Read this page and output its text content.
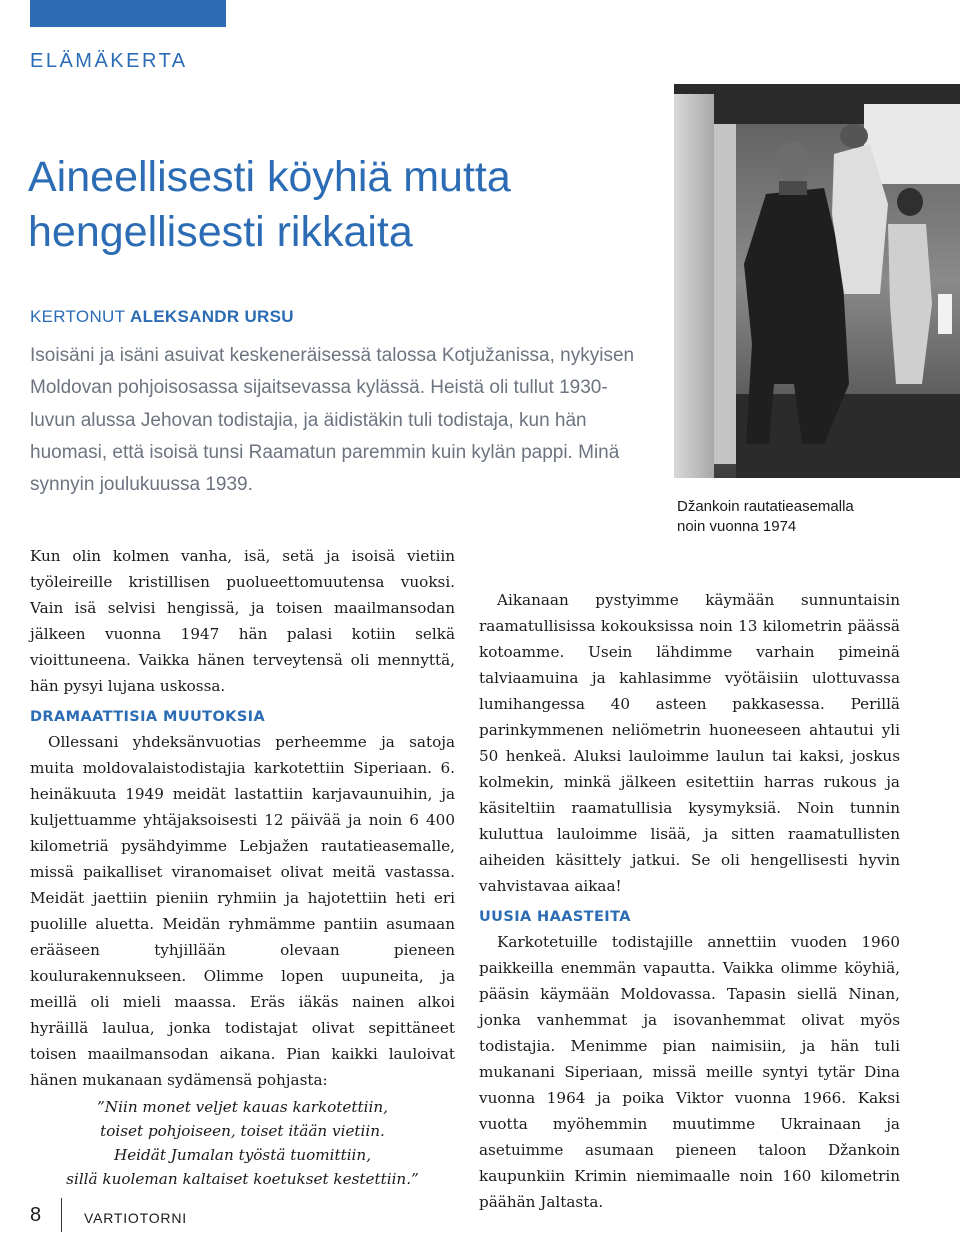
ELÄMÄKERTA
Aineellisesti köyhiä mutta
hengellisesti rikkaita
KERTONUT ALEKSANDR URSU

Isoisäni ja isäni asuivat keskeneräisessä talossa Kotjužanissa, nykyisen Moldovan pohjoisosassa sijaitsevassa kylässä. Heistä oli tullut 1930-luvun alussa Jehovan todistajia, ja äidistäkin tuli todistaja, kun hän huomasi, että isoisä tunsi Raamatun paremmin kuin kylän pappi. Minä synnyin joulukuussa 1939.

Kun olin kolmen vanha, isä, setä ja isoisä vietiin työleireille kristillisen puolueettomuutensa vuoksi. Vain isä selvisi hengissä, ja toisen maailmansodan jälkeen vuonna 1947 hän palasi kotiin selkä vioittuneena. Vaikka hänen terveytensä oli mennyttä, hän pysyi lujana uskossa.

DRAMAATTISIA MUUTOKSIA

Ollessani yhdeksänvuotias perheemme ja satoja muita moldovalaistodistajia karkotettiin Siperiaan. 6. heinäkuuta 1949 meidät lastattiin karjavaunuihin, ja kuljettuamme yhtäjaksoisesti 12 päivää ja noin 6 400 kilometriä pysähdyimme Lebjažen rautatieasemalle, missä paikalliset viranomaiset olivat meitä vastassa. Meidät jaettiin pieniin ryhmiin ja hajotettiin heti eri puolille aluetta. Meidän ryhmämme pantiin asumaan erääseen tyhjillään olevaan pieneen koulurakennukseen. Olimme lopen uupuneita, ja meillä oli mieli maassa. Eräs iäkäs nainen alkoi hyräillä laulua, jonka todistajat olivat sepittäneet toisen maailmansodan aikana. Pian kaikki lauloivat hänen mukanaan sydämensä pohjasta:

”Niin monet veljet kauas karkotettiin,
toiset pohjoiseen, toiset itään vietiin.
Heidät Jumalan työstä tuomittiin,
sillä kuoleman kaltaiset koetukset kestettiin.”
Džankoin rautatieasemalla
noin vuonna 1974

Aikanaan pystyimme käymään sunnuntaisin raamatullisissa kokouksissa noin 13 kilometrin päässä kotoamme. Usein lähdimme varhain pimeinä talviaamuina ja kahlasimme vyötäisiin ulottuvassa lumihangessa 40 asteen pakkasessa. Perillä parinkymmenen neliömetrin huoneeseen ahtautui yli 50 henkeä. Aluksi lauloimme laulun tai kaksi, joskus kolmekin, minkä jälkeen esitettiin harras rukous ja käsiteltiin raamatullisia kysymyksiä. Noin tunnin kuluttua lauloimme lisää, ja sitten raamatullisten aiheiden käsittely jatkui. Se oli hengellisesti hyvin vahvistavaa aikaa!

UUSIA HAASTEITA

Karkotetuille todistajille annettiin vuoden 1960 paikkeilla enemmän vapautta. Vaikka olimme köyhiä, pääsin käymään Moldovassa. Tapasin siellä Ninan, jonka vanhemmat ja isovanhemmat olivat myös todistajia. Menimme pian naimisiin, ja hän tuli mukanani Siperiaan, missä meille syntyi tytär Dina vuonna 1964 ja poika Viktor vuonna 1966. Kaksi vuotta myöhemmin muutimme Ukrainaan ja asetuimme asumaan pieneen taloon Džankoin kaupunkiin Krimin niemimaalle noin 160 kilometrin päähän Jaltasta.

8	VARTIOTORNI
